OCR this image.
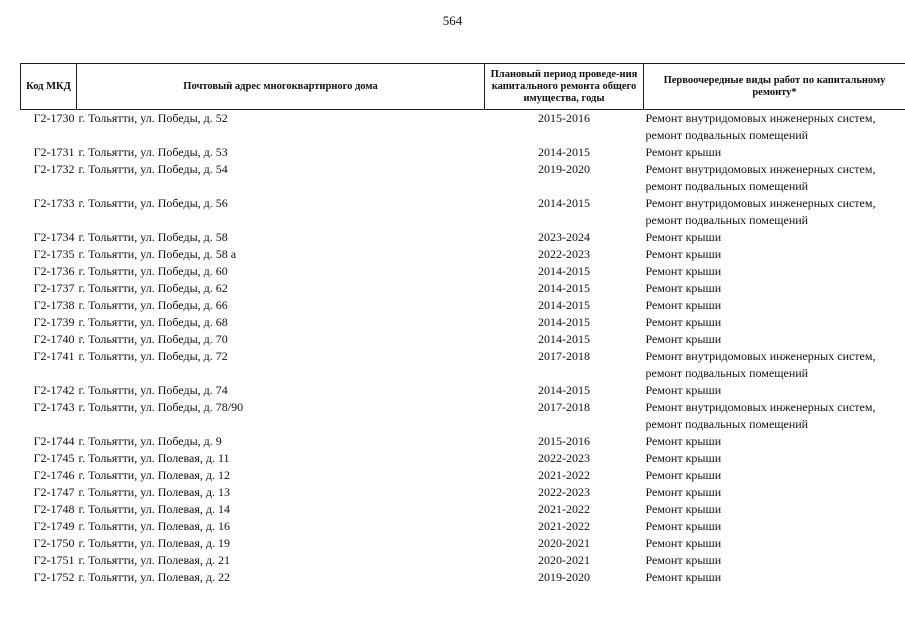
564
Код МКД	Почтовый адрес многоквартирного дома	Плановый период проведе-ния капитального ремонта общего имущества, годы	Первоочередные виды работ по капитальному ремонту*
Г2-1730	г. Тольятти, ул. Победы, д. 52	2015-2016	Ремонт внутридомовых инженерных систем,
ремонт подвальных помещений

Г2-1731	г. Тольятти, ул. Победы, д. 53	2014-2015	Ремонт крыши

Г2-1732	г. Тольятти, ул. Победы, д. 54	2019-2020	Ремонт внутридомовых инженерных систем,
ремонт подвальных помещений

Г2-1733	г. Тольятти, ул. Победы, д. 56	2014-2015	Ремонт внутридомовых инженерных систем,
ремонт подвальных помещений

Г2-1734	г. Тольятти, ул. Победы, д. 58	2023-2024	Ремонт крыши

Г2-1735	г. Тольятти, ул. Победы, д. 58 а	2022-2023	Ремонт крыши

Г2-1736	г. Тольятти, ул. Победы, д. 60	2014-2015	Ремонт крыши

Г2-1737	г. Тольятти, ул. Победы, д. 62	2014-2015	Ремонт крыши

Г2-1738	г. Тольятти, ул. Победы, д. 66	2014-2015	Ремонт крыши

Г2-1739	г. Тольятти, ул. Победы, д. 68	2014-2015	Ремонт крыши

Г2-1740	г. Тольятти, ул. Победы, д. 70	2014-2015	Ремонт крыши

Г2-1741	г. Тольятти, ул. Победы, д. 72	2017-2018	Ремонт внутридомовых инженерных систем,
ремонт подвальных помещений

Г2-1742	г. Тольятти, ул. Победы, д. 74	2014-2015	Ремонт крыши

Г2-1743	г. Тольятти, ул. Победы, д. 78/90	2017-2018	Ремонт внутридомовых инженерных систем,
ремонт подвальных помещений

Г2-1744	г. Тольятти, ул. Победы, д. 9	2015-2016	Ремонт крыши

Г2-1745	г. Тольятти, ул. Полевая, д. 11	2022-2023	Ремонт крыши

Г2-1746	г. Тольятти, ул. Полевая, д. 12	2021-2022	Ремонт крыши

Г2-1747	г. Тольятти, ул. Полевая, д. 13	2022-2023	Ремонт крыши

Г2-1748	г. Тольятти, ул. Полевая, д. 14	2021-2022	Ремонт крыши

Г2-1749	г. Тольятти, ул. Полевая, д. 16	2021-2022	Ремонт крыши

Г2-1750	г. Тольятти, ул. Полевая, д. 19	2020-2021	Ремонт крыши

Г2-1751	г. Тольятти, ул. Полевая, д. 21	2020-2021	Ремонт крыши

Г2-1752	г. Тольятти, ул. Полевая, д. 22	2019-2020	Ремонт крыши
